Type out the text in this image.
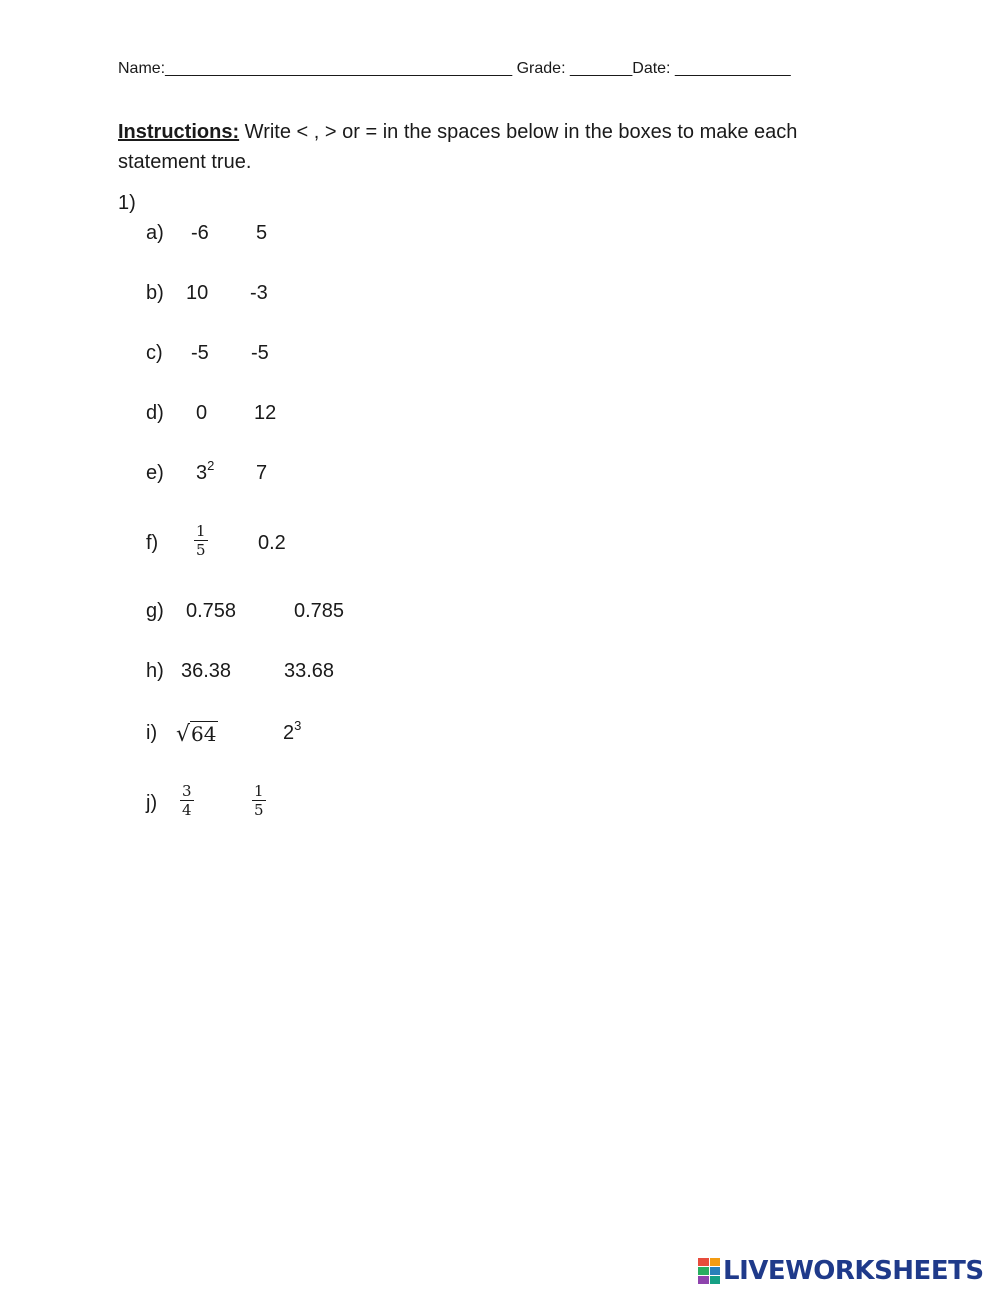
Name:_______________________________________ Grade: _______Date: _____________
Instructions: Write < , > or = in the spaces below in the boxes to make each statement true.
1)
a) -6 5
b) 10 -3
c) -5 -5
d) 0 12
e) $3^2$ 7
$f) \frac{1}{5}$	0.2
g) 0.758	0.785
h) 36.38	33.68
i) √64	$2^3$
$j) \frac{3}{4}$	$\frac{1}{5}$
LIVEWORKSHEETS
